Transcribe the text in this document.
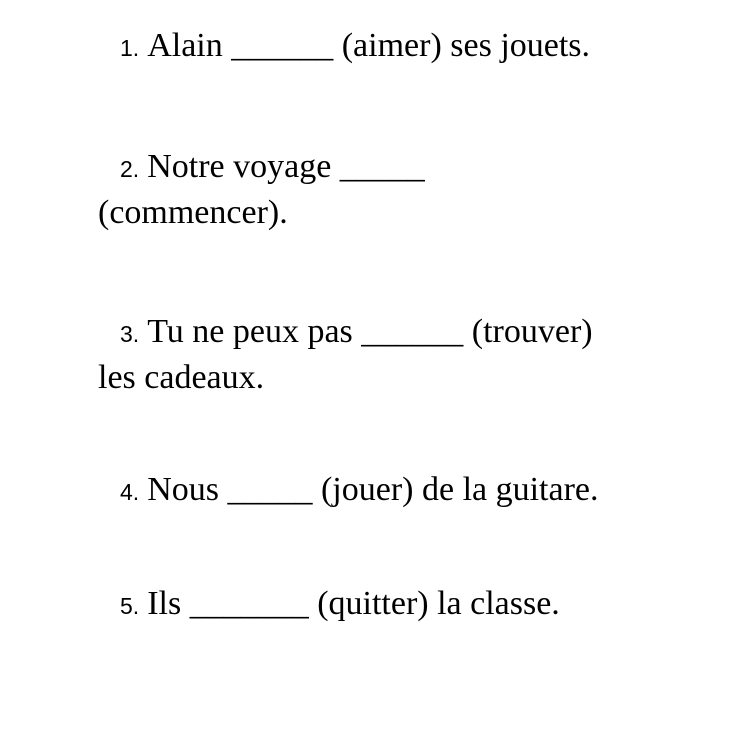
1. Alain ______ (aimer) ses jouets.
2. Notre voyage _____
(commencer).
3. Tu ne peux pas ______ (trouver)
les cadeaux.
4. Nous _____ (jouer) de la guitare.
5. Ils _______ (quitter) la classe.
